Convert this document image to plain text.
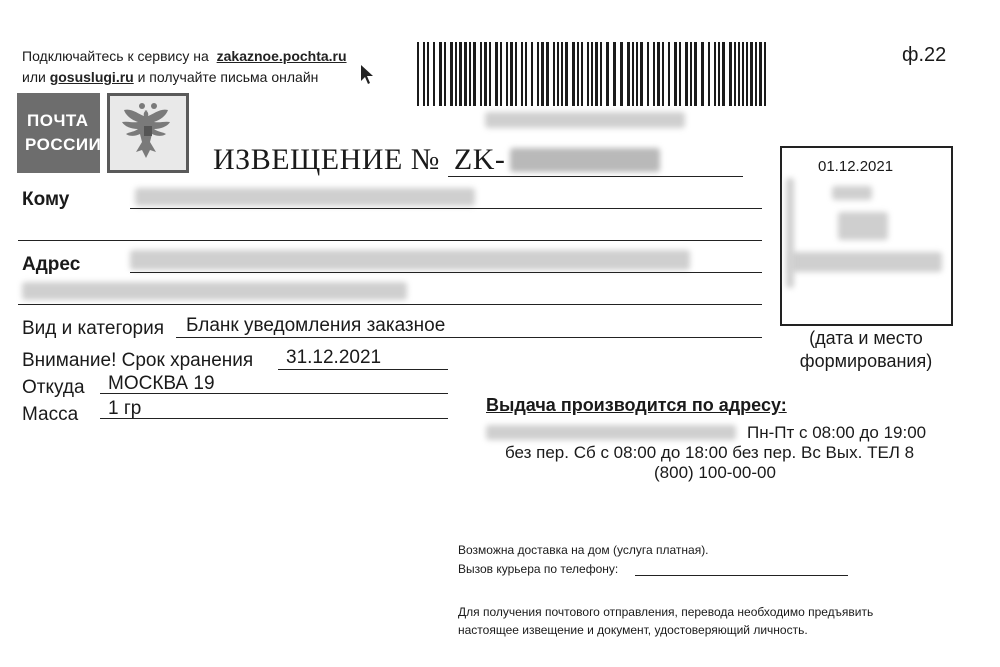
Подключайтесь к сервису на zakaznoe.pochta.ru
или gosuslugi.ru и получайте письма онлайн
ф.22
ПОЧТА
РОССИИ	ИЗВЕЩЕНИЕ № ZK-
Кому
Адрес
Вид и категория Бланк уведомления заказное
Внимание! Срок хранения 31.12.2021
Откуда МОСКВА 19
Масса 1 гр
01.12.2021
(дата и место
формирования)
Выдача производится по адресу:
Пн-Пт с 08:00 до 19:00
без пер. Сб с 08:00 до 18:00 без пер. Вс Вых. ТЕЛ 8
(800) 100-00-00
Возможна доставка на дом (услуга платная).
Вызов курьера по телефону:
Для получения почтового отправления, перевода необходимо предъявить
настоящее извещение и документ, удостоверяющий личность.
